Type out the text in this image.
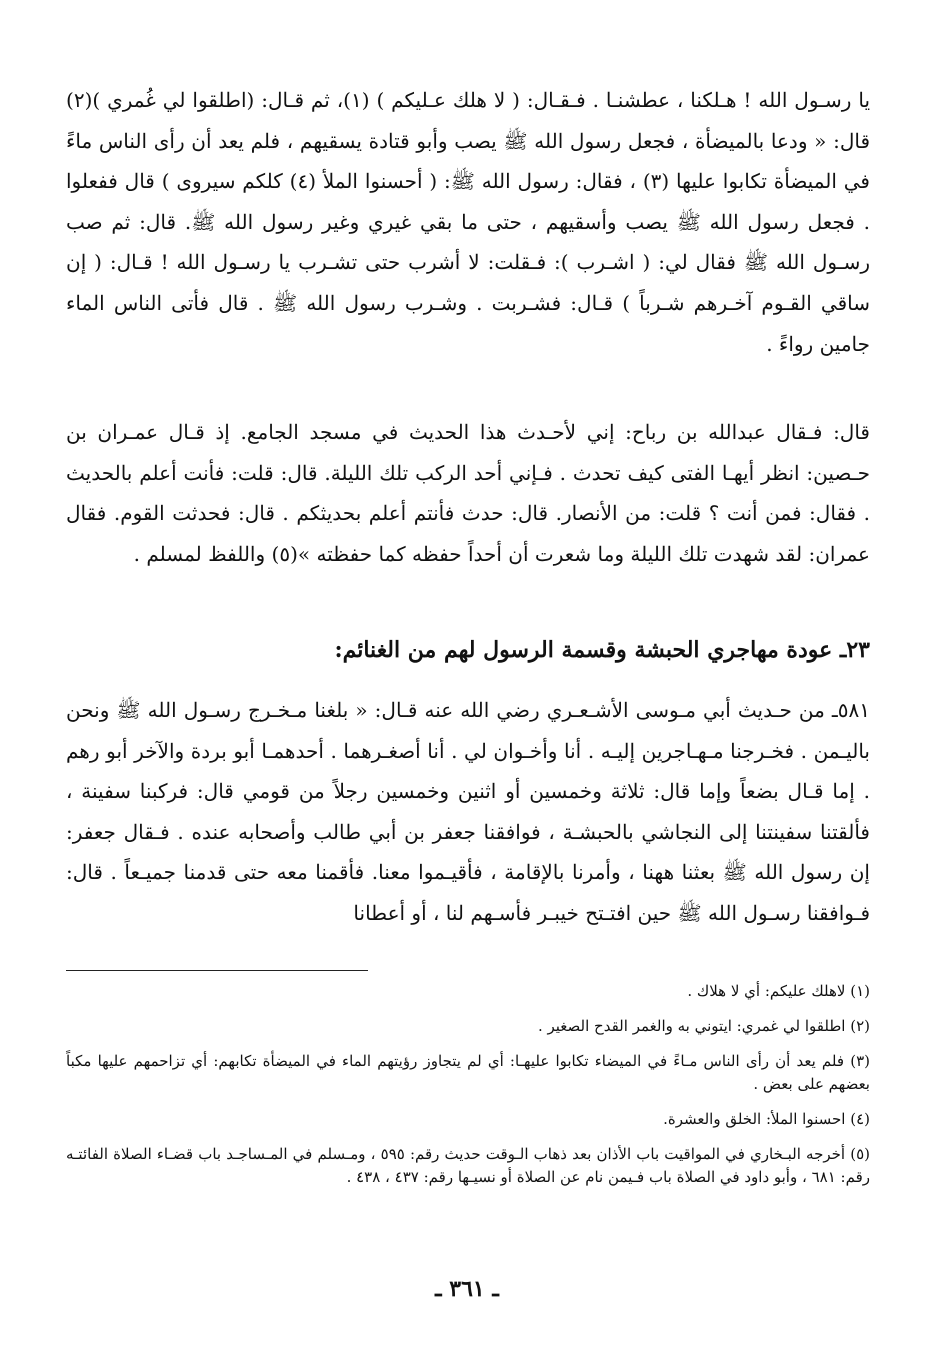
يا رسـول الله ! هـلكنا ، عطشنـا . فـقـال: ( لا هلك عـليكم ) (١)، ثم قـال: (اطلقوا لي غُمري )(٢) قال: « ودعا بالميضأة ، فجعل رسول الله ﷺ يصب وأبو قتادة يسقيهم ، فلم يعد أن رأى الناس ماءً في الميضأة تكابوا عليها (٣) ، فقال: رسول الله ﷺ: ( أحسنوا الملأ (٤) كلكم سيروى ) قال ففعلوا . فجعل رسول الله ﷺ يصب وأسقيهم ، حتى ما بقي غيري وغير رسول الله ﷺ. قال: ثم صب رسـول الله ﷺ فقال لي: ( اشـرب ): فـقلت: لا أشرب حتى تشـرب يا رسـول الله ! قـال: ( إن ساقي القـوم آخـرهم شـرباً ) قـال: فشـربت . وشـرب رسول الله ﷺ . قال فأتى الناس الماء جامين رواءً .
قال: فـقال عبدالله بن رباح: إني لأحـدث هذا الحديث في مسجد الجامع. إذ قـال عمـران بن حـصين: انظر أيهـا الفتى كيف تحدث . فـإني أحد الركب تلك الليلة. قال: قلت: فأنت أعلم بالحديث . فقال: فمن أنت ؟ قلت: من الأنصار. قال: حدث فأنتم أعلم بحديثكم . قال: فحدثت القوم. فقال عمران: لقد شهدت تلك الليلة وما شعرت أن أحداً حفظه كما حفظته »(٥) واللفظ لمسلم .
٢٣ـ عودة مهاجري الحبشة وقسمة الرسول لهم من الغنائم:
٥٨١ـ من حـديث أبي مـوسى الأشـعـري رضي الله عنه قـال: « بلغنا مـخـرج رسـول الله ﷺ ونحن باليـمن . فخـرجنا مـهـاجرين إليـه . أنا وأخـوان لي . أنا أصغـرهما . أحدهمـا أبو بردة والآخر أبو رهم . إما قـال بضعاً وإما قال: ثلاثة وخمسين أو اثنين وخمسين رجلاً من قومي قال: فركبنا سفينة ، فألقتنا سفينتنا إلى النجاشي بالحبشـة ، فوافقنا جعفر بن أبي طالب وأصحابه عنده . فـقال جعفر: إن رسول الله ﷺ بعثنا ههنا ، وأمرنا بالإقامة ، فأقيـموا معنا. فأقمنا معه حتى قدمنا جميـعاً . قال: فـوافقنا رسـول الله ﷺ حين افتـتح خيبـر فأسـهم لنا ، أو أعطانا
(١) لاهلك عليكم: أي لا هلاك .
(٢) اطلقوا لي غمري: ايتوني به والغمر القدح الصغير .
(٣) فلم يعد أن رأى الناس مـاءً في الميضاء تكابوا عليهـا: أي لم يتجاوز رؤيتهم الماء في الميضأة تكابهم: أي تزاحمهم عليها مكباً بعضهم على بعض .
(٤) احسنوا الملأ: الخلق والعشرة.
(٥) أخرجه البـخاري في المواقيت باب الأذان بعد ذهاب الـوقت حديث رقم: ٥٩٥ ، ومـسلم في المـساجـد باب قضـاء الصلاة الفائتـه رقم: ٦٨١ ، وأبو داود في الصلاة باب فـيمن نام عن الصلاة أو نسيـها رقم: ٤٣٧ ، ٤٣٨ .
ـ ٣٦١ ـ
